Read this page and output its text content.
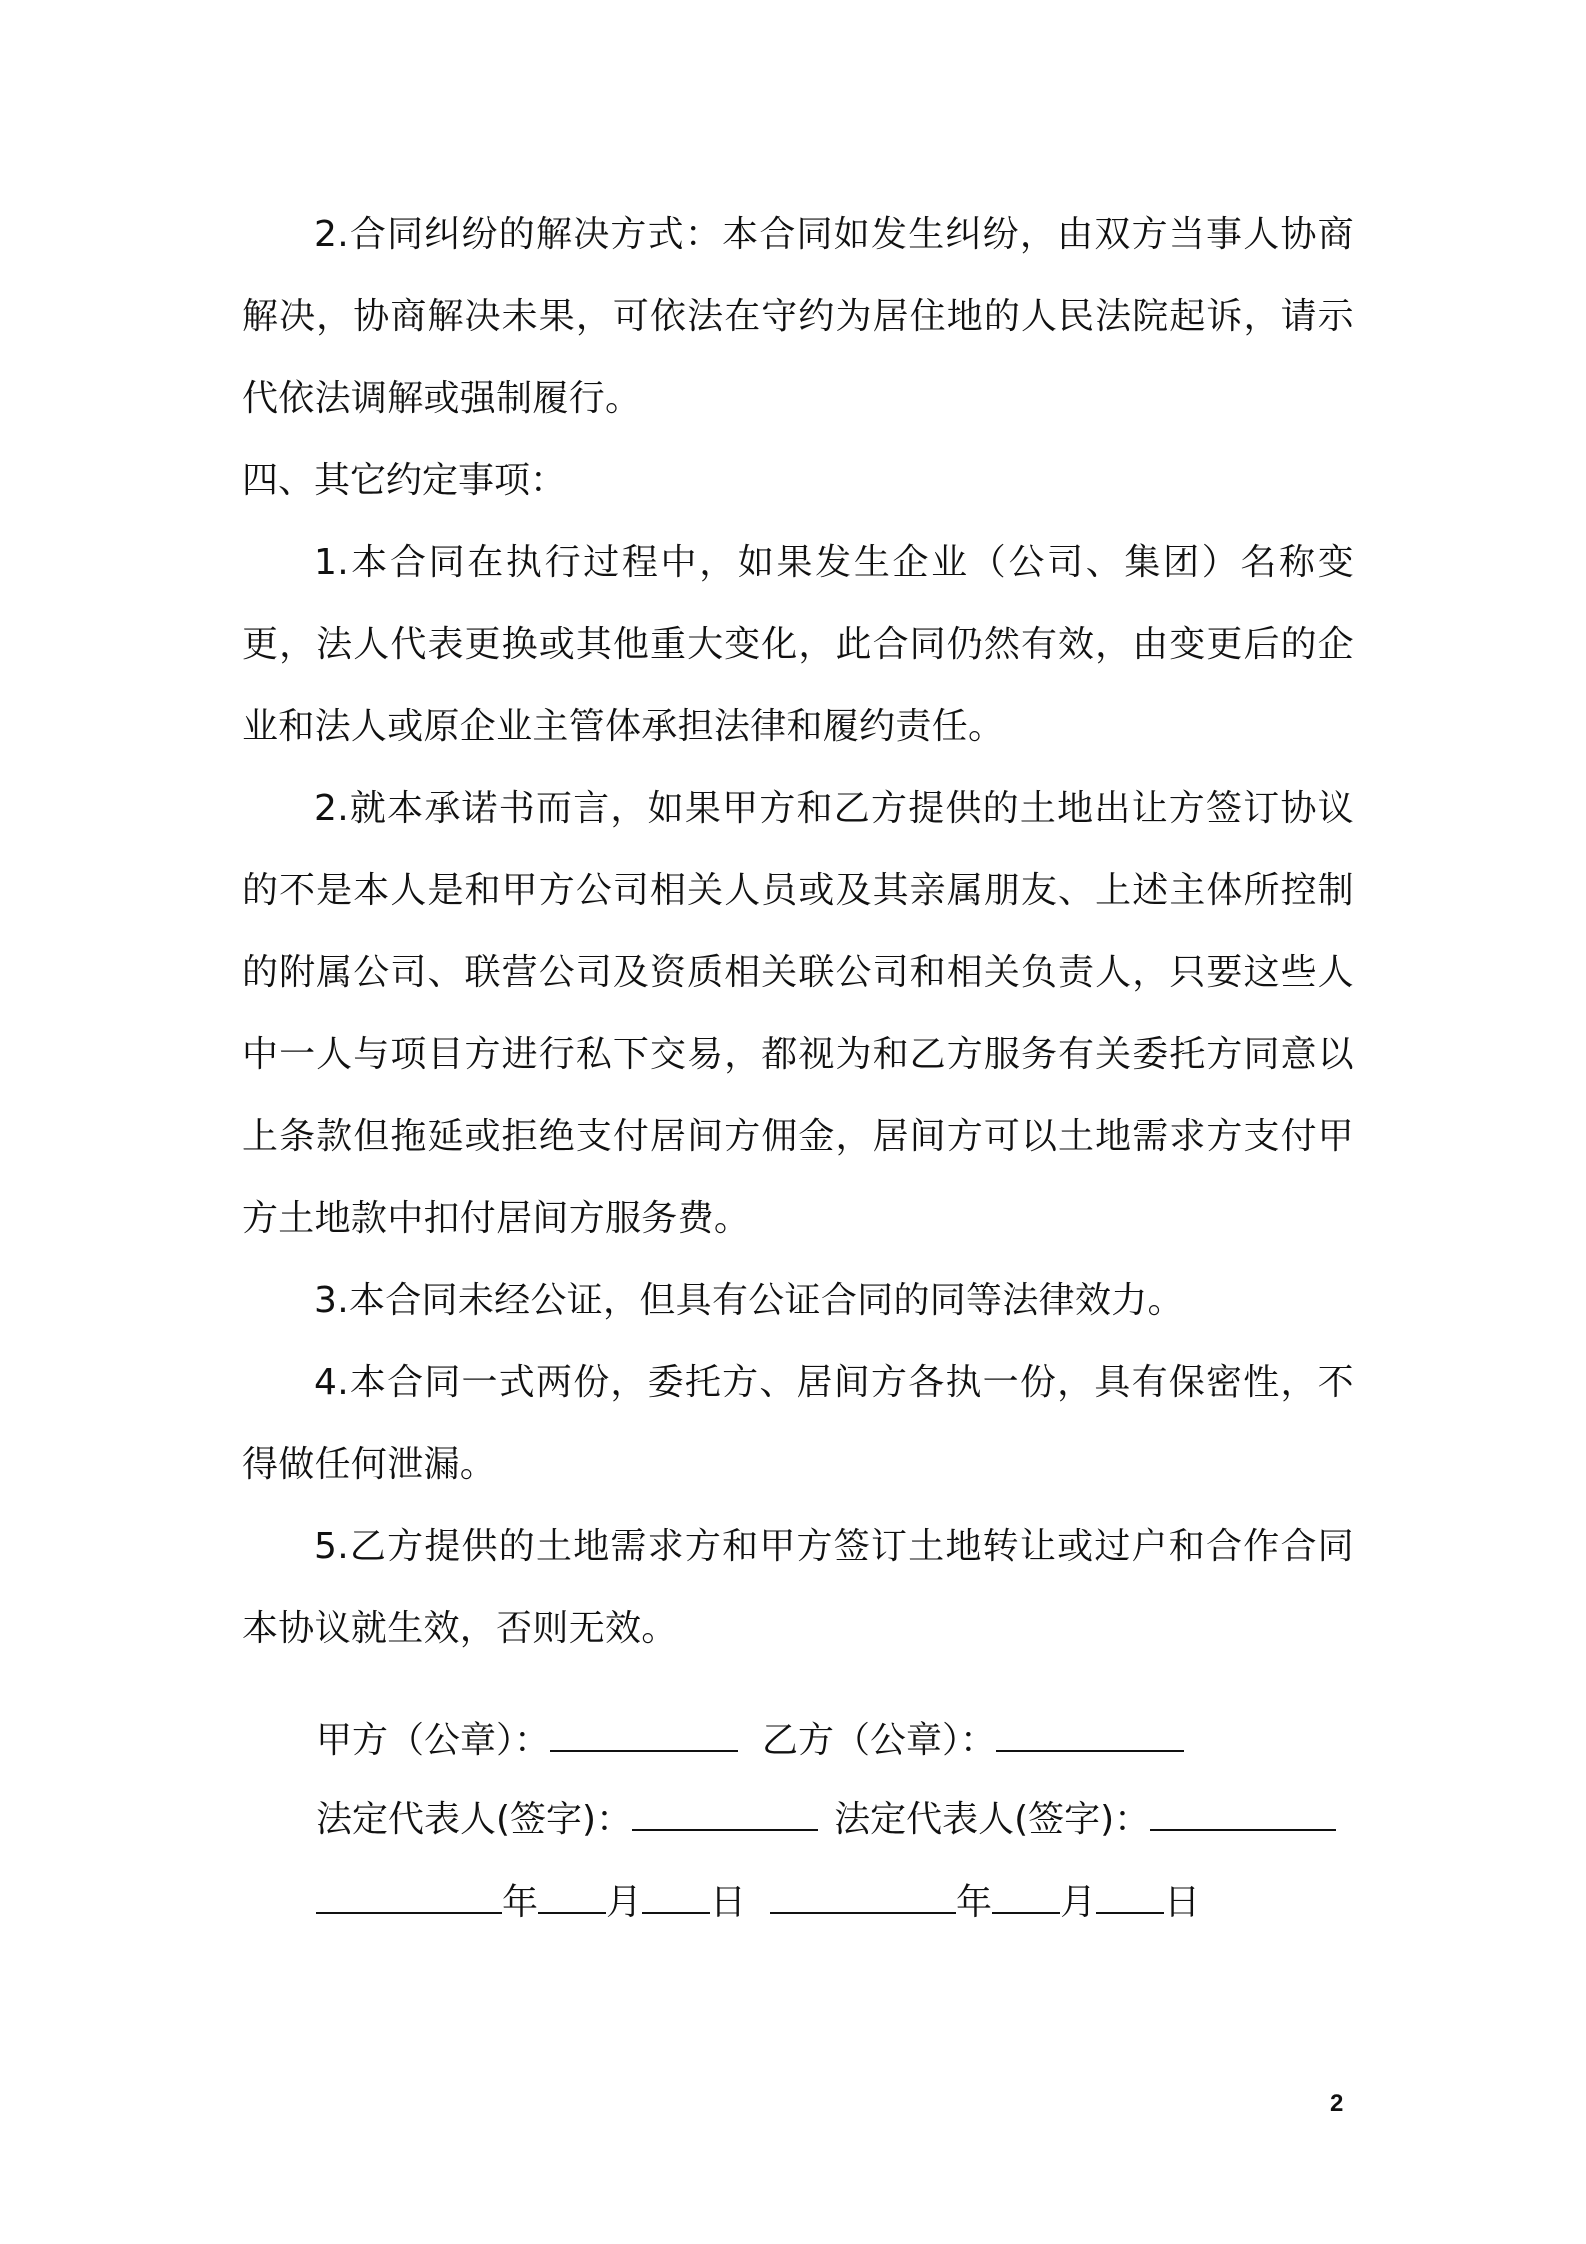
2.合同纠纷的解决方式：本合同如发生纠纷，由双方当事人协商解决，协商解决未果，可依法在守约为居住地的人民法院起诉，请示代依法调解或强制履行。

四、其它约定事项：

1.本合同在执行过程中，如果发生企业（公司、集团）名称变更，法人代表更换或其他重大变化，此合同仍然有效，由变更后的企业和法人或原企业主管体承担法律和履约责任。

2.就本承诺书而言，如果甲方和乙方提供的土地出让方签订协议的不是本人是和甲方公司相关人员或及其亲属朋友、上述主体所控制的附属公司、联营公司及资质相关联公司和相关负责人，只要这些人中一人与项目方进行私下交易，都视为和乙方服务有关委托方同意以上条款但拖延或拒绝支付居间方佣金，居间方可以土地需求方支付甲方土地款中扣付居间方服务费。

3.本合同未经公证，但具有公证合同的同等法律效力。

4.本合同一式两份，委托方、居间方各执一份，具有保密性，不得做任何泄漏。

5.乙方提供的土地需求方和甲方签订土地转让或过户和合作合同本协议就生效，否则无效。

甲方（公章）：	乙方（公章）：
法定代表人(签字)：	法定代表人(签字)：
年 月 日	年 月 日
2
